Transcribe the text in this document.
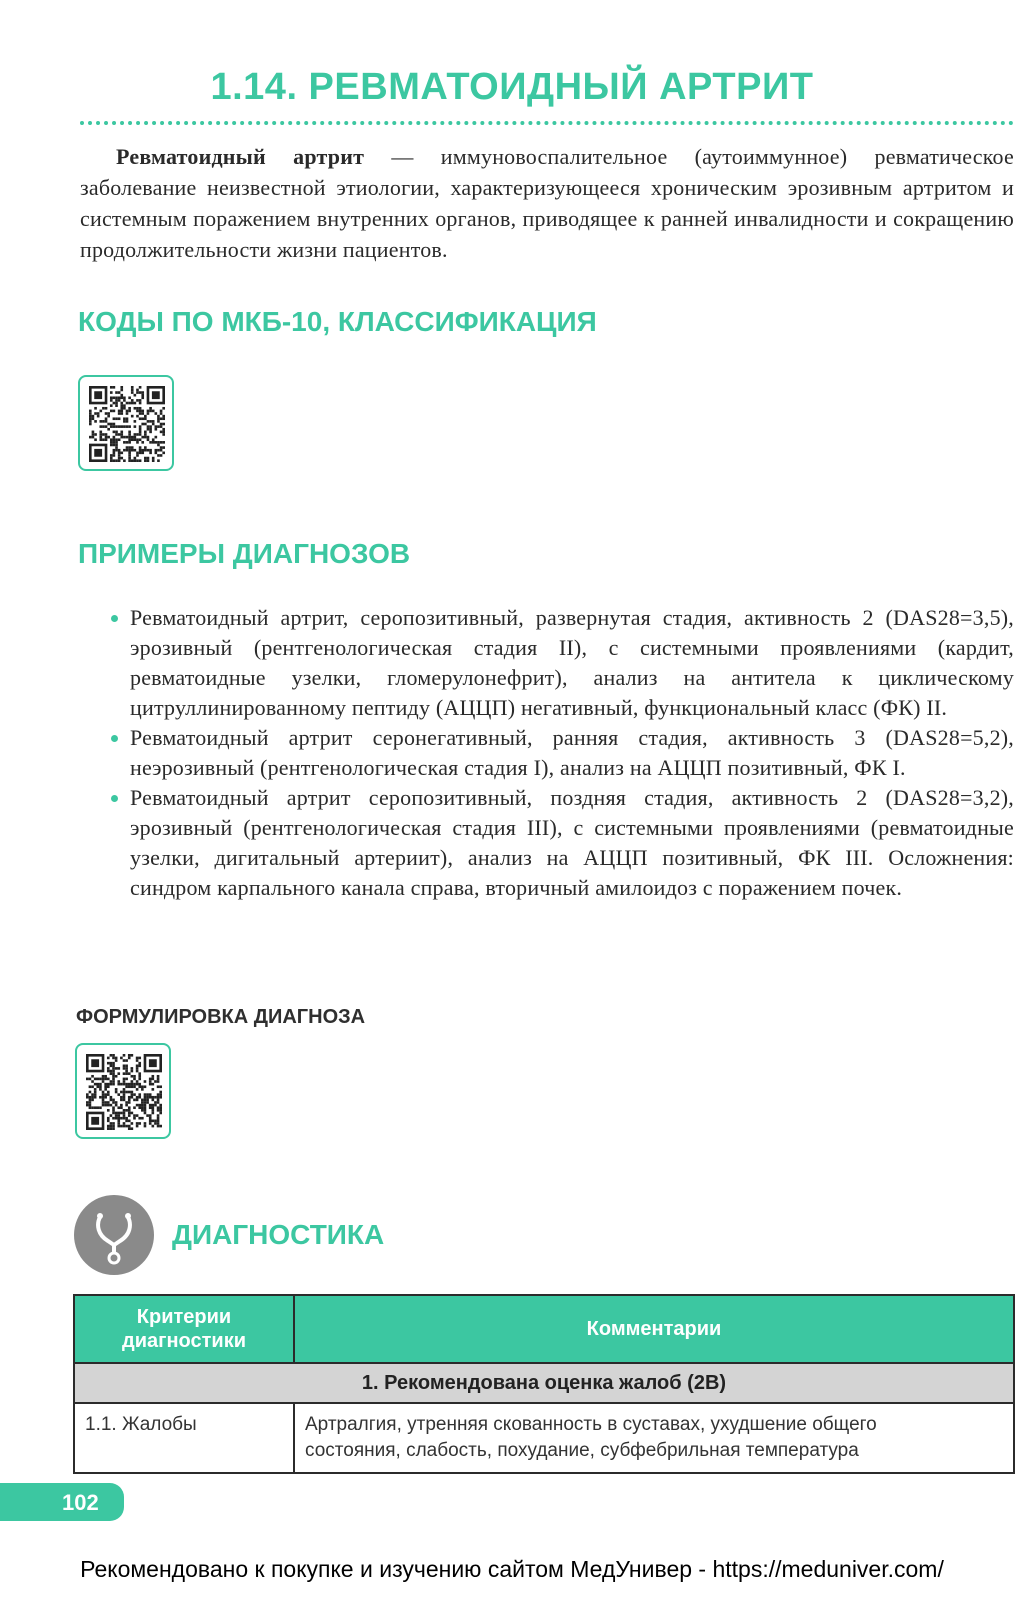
1.14. РЕВМАТОИДНЫЙ АРТРИТ
Ревматоидный артрит — иммуновоспалительное (аутоиммунное) ревматическое заболевание неизвестной этиологии, характеризующееся хроническим эрозивным артритом и системным поражением внутренних органов, приводящее к ранней инвалидности и сокращению продолжительности жизни пациентов.
КОДЫ ПО МКБ-10, КЛАССИФИКАЦИЯ
ПРИМЕРЫ ДИАГНОЗОВ
Ревматоидный артрит, серопозитивный, развернутая стадия, активность 2 (DAS28=3,5), эрозивный (рентгенологическая стадия II), с системными проявлениями (кардит, ревматоидные узелки, гломерулонефрит), анализ на антитела к циклическому цитруллинированному пептиду (АЦЦП) негативный, функциональный класс (ФК) II.
Ревматоидный артрит серонегативный, ранняя стадия, активность 3 (DAS28=5,2), неэрозивный (рентгенологическая стадия I), анализ на АЦЦП позитивный, ФК I.
Ревматоидный артрит серопозитивный, поздняя стадия, активность 2 (DAS28=3,2), эрозивный (рентгенологическая стадия III), с системными проявлениями (ревматоидные узелки, дигитальный артериит), анализ на АЦЦП позитивный, ФК III. Осложнения: синдром карпального канала справа, вторичный амилоидоз с поражением почек.
ФОРМУЛИРОВКА ДИАГНОЗА
ДИАГНОСТИКА
Критерии
диагностики	Комментарии
1. Рекомендована оценка жалоб (2В)	
1.1. Жалобы	Артралгия, утренняя скованность в суставах, ухудшение общего
состояния, слабость, похудание, субфебрильная температура
102
Рекомендовано к покупке и изучению сайтом МедУнивер - https://meduniver.com/
